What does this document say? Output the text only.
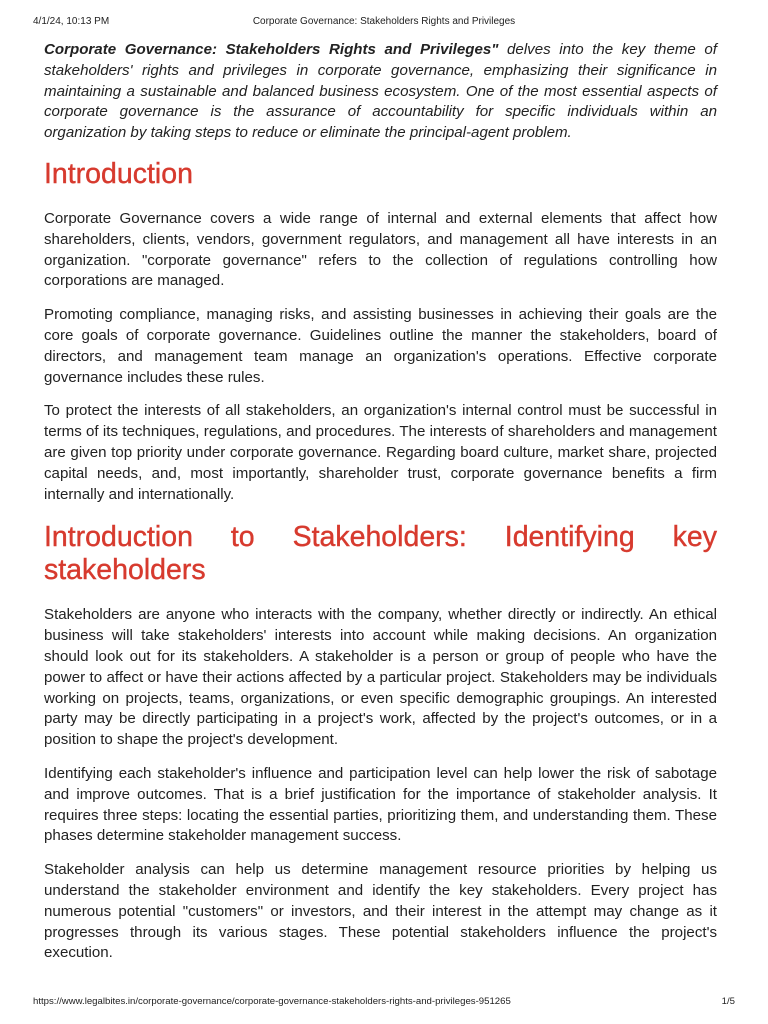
4/1/24, 10:13 PM	Corporate Governance: Stakeholders Rights and Privileges

Corporate Governance: Stakeholders Rights and Privileges" delves into the key theme of stakeholders' rights and privileges in corporate governance, emphasizing their significance in maintaining a sustainable and balanced business ecosystem. One of the most essential aspects of corporate governance is the assurance of accountability for specific individuals within an organization by taking steps to reduce or eliminate the principal-agent problem.

Introduction

Corporate Governance covers a wide range of internal and external elements that affect how shareholders, clients, vendors, government regulators, and management all have interests in an organization. "corporate governance" refers to the collection of regulations controlling how corporations are managed.

Promoting compliance, managing risks, and assisting businesses in achieving their goals are the core goals of corporate governance. Guidelines outline the manner the stakeholders, board of directors, and management team manage an organization's operations. Effective corporate governance includes these rules.

To protect the interests of all stakeholders, an organization's internal control must be successful in terms of its techniques, regulations, and procedures. The interests of shareholders and management are given top priority under corporate governance. Regarding board culture, market share, projected capital needs, and, most importantly, shareholder trust, corporate governance benefits a firm internally and internationally.

Introduction to Stakeholders: Identifying key stakeholders

Stakeholders are anyone who interacts with the company, whether directly or indirectly. An ethical business will take stakeholders' interests into account while making decisions. An organization should look out for its stakeholders. A stakeholder is a person or group of people who have the power to affect or have their actions affected by a particular project. Stakeholders may be individuals working on projects, teams, organizations, or even specific demographic groupings. An interested party may be directly participating in a project's work, affected by the project's outcomes, or in a position to shape the project's development.

Identifying each stakeholder's influence and participation level can help lower the risk of sabotage and improve outcomes. That is a brief justification for the importance of stakeholder analysis. It requires three steps: locating the essential parties, prioritizing them, and understanding them. These phases determine stakeholder management success.

Stakeholder analysis can help us determine management resource priorities by helping us understand the stakeholder environment and identify the key stakeholders. Every project has numerous potential "customers" or investors, and their interest in the attempt may change as it progresses through its various stages. These potential stakeholders influence the project's execution.

https://www.legalbites.in/corporate-governance/corporate-governance-stakeholders-rights-and-privileges-951265	1/5
